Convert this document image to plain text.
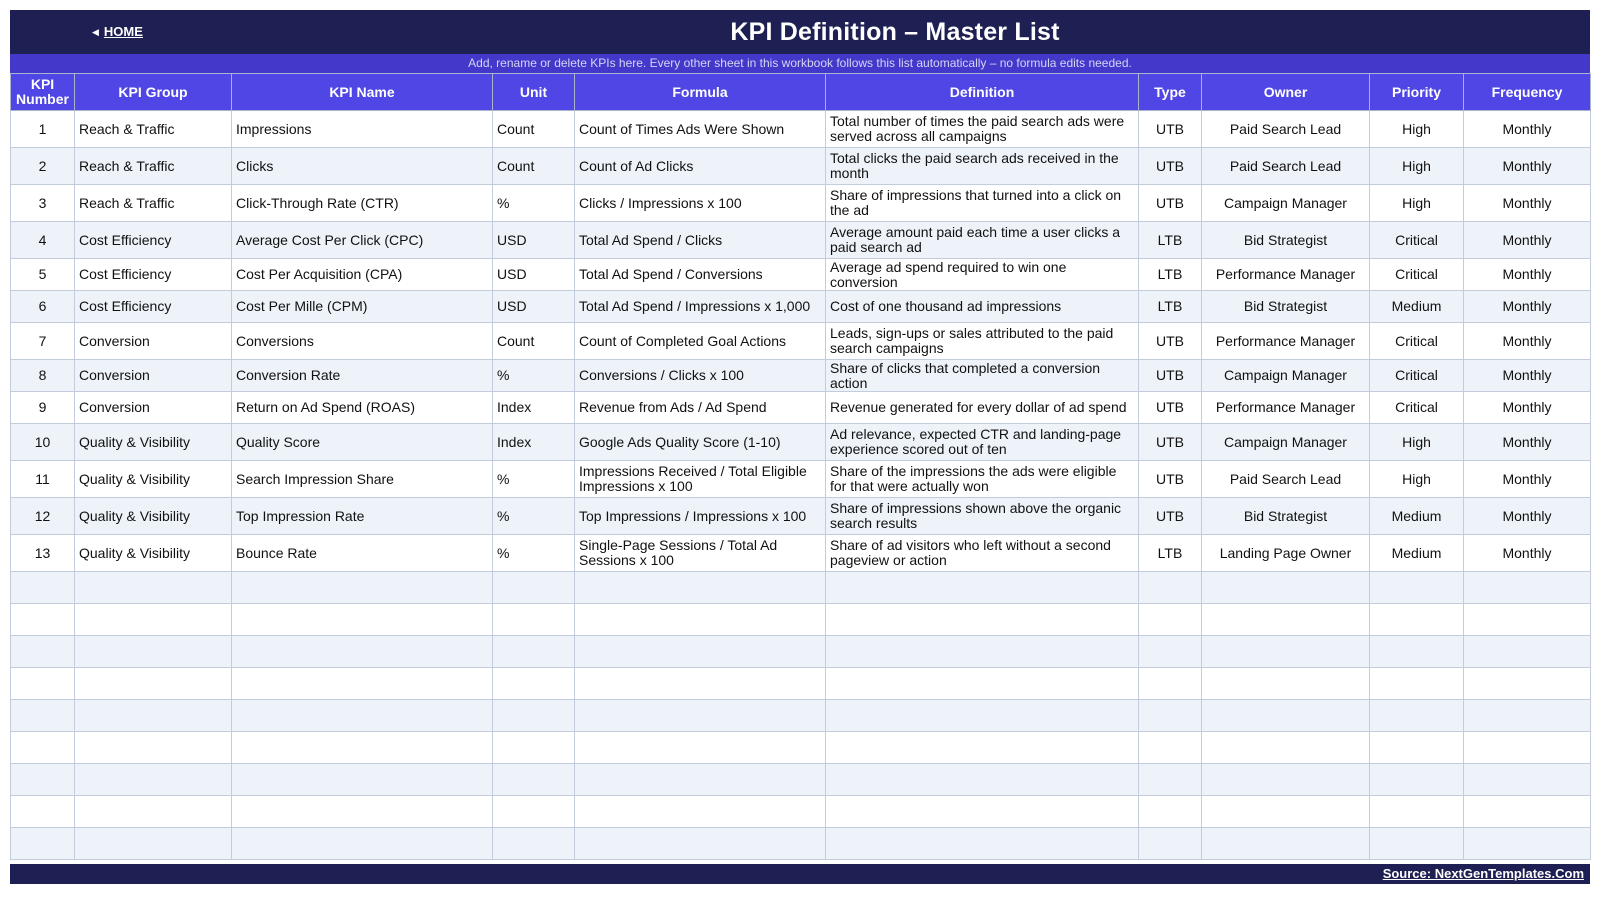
◀ HOME	KPI Definition – Master List
Add, rename or delete KPIs here. Every other sheet in this workbook follows this list automatically – no formula edits needed.
KPI Number	KPI Group	KPI Name	Unit	Formula	Definition	Type	Owner	Priority	Frequency
1	Reach & Traffic	Impressions	Count	Count of Times Ads Were Shown	Total number of times the paid search ads were served across all campaigns	UTB	Paid Search Lead	High	Monthly
2	Reach & Traffic	Clicks	Count	Count of Ad Clicks	Total clicks the paid search ads received in the month	UTB	Paid Search Lead	High	Monthly
3	Reach & Traffic	Click-Through Rate (CTR)	%	Clicks / Impressions x 100	Share of impressions that turned into a click on the ad	UTB	Campaign Manager	High	Monthly
4	Cost Efficiency	Average Cost Per Click (CPC)	USD	Total Ad Spend / Clicks	Average amount paid each time a user clicks a paid search ad	LTB	Bid Strategist	Critical	Monthly
5	Cost Efficiency	Cost Per Acquisition (CPA)	USD	Total Ad Spend / Conversions	Average ad spend required to win one conversion	LTB	Performance Manager	Critical	Monthly
6	Cost Efficiency	Cost Per Mille (CPM)	USD	Total Ad Spend / Impressions x 1,000	Cost of one thousand ad impressions	LTB	Bid Strategist	Medium	Monthly
7	Conversion	Conversions	Count	Count of Completed Goal Actions	Leads, sign-ups or sales attributed to the paid search campaigns	UTB	Performance Manager	Critical	Monthly
8	Conversion	Conversion Rate	%	Conversions / Clicks x 100	Share of clicks that completed a conversion action	UTB	Campaign Manager	Critical	Monthly
9	Conversion	Return on Ad Spend (ROAS)	Index	Revenue from Ads / Ad Spend	Revenue generated for every dollar of ad spend	UTB	Performance Manager	Critical	Monthly
10	Quality & Visibility	Quality Score	Index	Google Ads Quality Score (1-10)	Ad relevance, expected CTR and landing-page experience scored out of ten	UTB	Campaign Manager	High	Monthly
11	Quality & Visibility	Search Impression Share	%	Impressions Received / Total Eligible Impressions x 100	Share of the impressions the ads were eligible for that were actually won	UTB	Paid Search Lead	High	Monthly
12	Quality & Visibility	Top Impression Rate	%	Top Impressions / Impressions x 100	Share of impressions shown above the organic search results	UTB	Bid Strategist	Medium	Monthly
13	Quality & Visibility	Bounce Rate	%	Single-Page Sessions / Total Ad Sessions x 100	Share of ad visitors who left without a second pageview or action	LTB	Landing Page Owner	Medium	Monthly

Source: NextGenTemplates.Com
